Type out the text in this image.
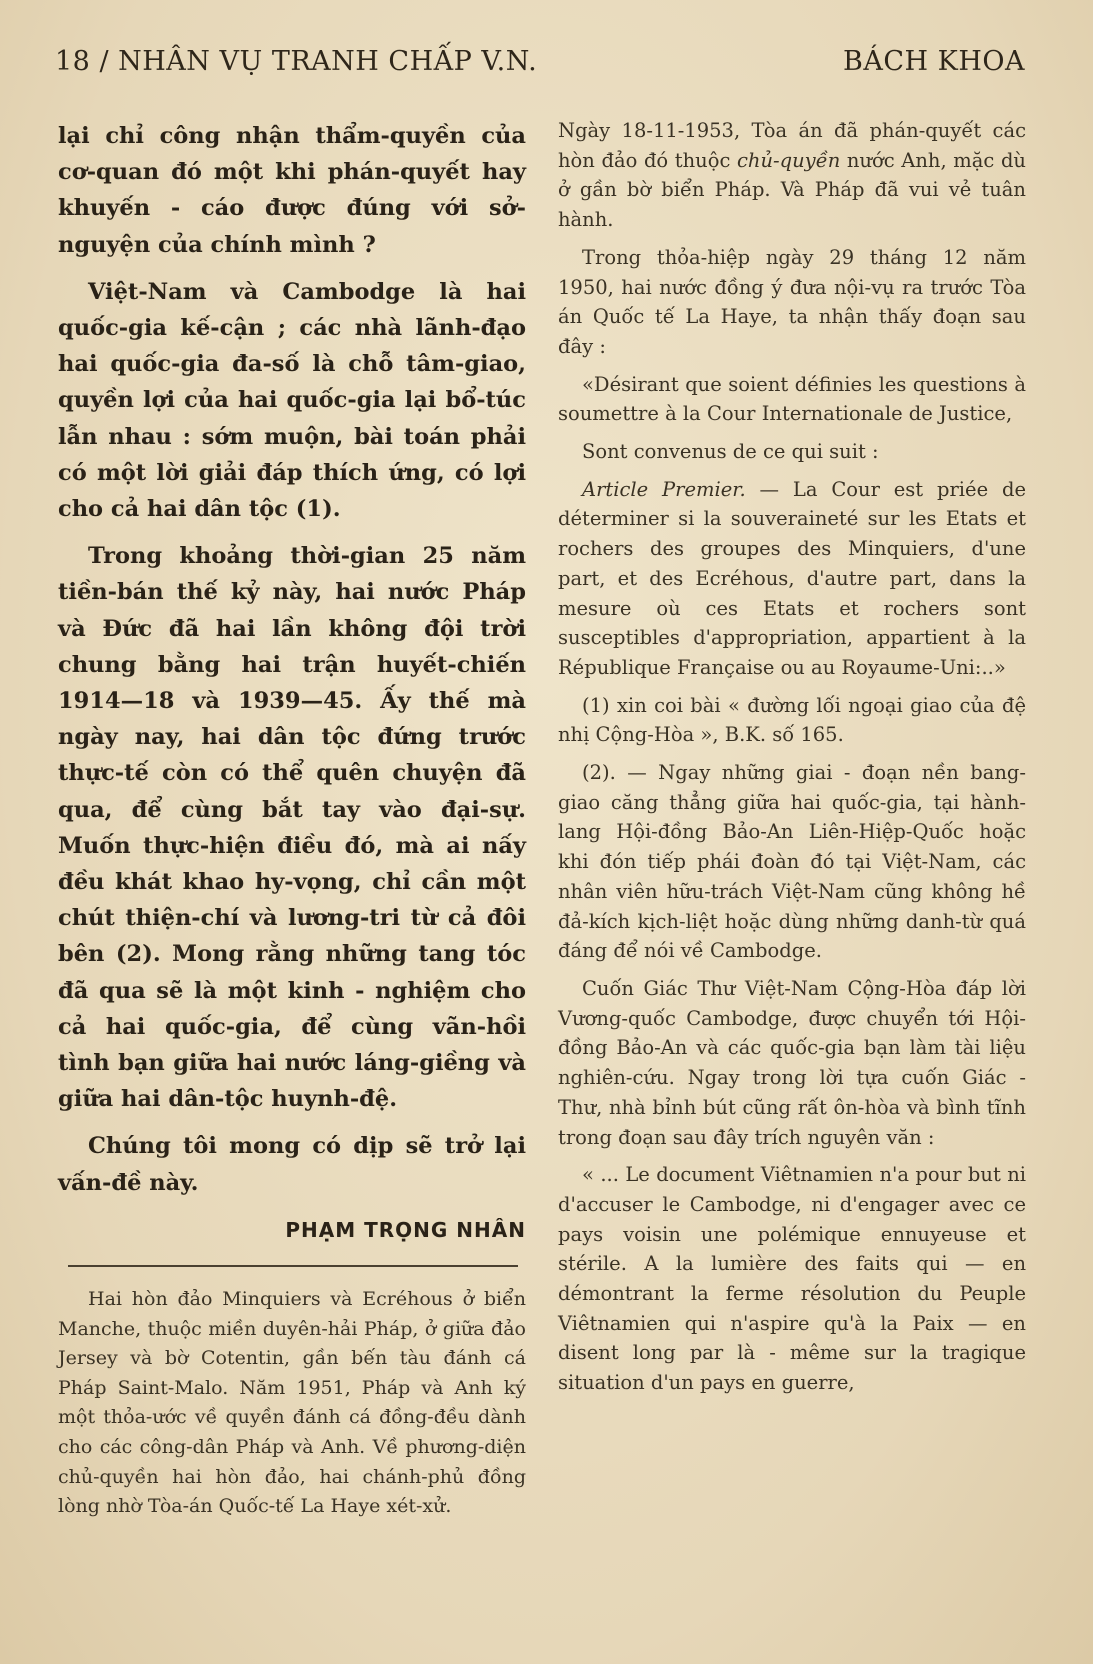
18 / NHÂN VỤ TRANH CHẤP V.N.	BÁCH KHOA

lại chỉ công nhận thẩm-quyền của cơ-quan đó một khi phán-quyết hay khuyến - cáo được đúng với sở-nguyện của chính mình ?

Việt-Nam và Cambodge là hai quốc-gia kế-cận ; các nhà lãnh-đạo hai quốc-gia đa-số là chỗ tâm-giao, quyền lợi của hai quốc-gia lại bổ-túc lẫn nhau : sớm muộn, bài toán phải có một lời giải đáp thích ứng, có lợi cho cả hai dân tộc (1).

Trong khoảng thời-gian 25 năm tiền-bán thế kỷ này, hai nước Pháp và Đức đã hai lần không đội trời chung bằng hai trận huyết-chiến 1914—18 và 1939—45. Ấy thế mà ngày nay, hai dân tộc đứng trước thực-tế còn có thể quên chuyện đã qua, để cùng bắt tay vào đại-sự. Muốn thực-hiện điều đó, mà ai nấy đều khát khao hy-vọng, chỉ cần một chút thiện-chí và lương-tri từ cả đôi bên (2). Mong rằng những tang tóc đã qua sẽ là một kinh - nghiệm cho cả hai quốc-gia, để cùng vãn-hồi tình bạn giữa hai nước láng-giềng và giữa hai dân-tộc huynh-đệ.

Chúng tôi mong có dịp sẽ trở lại vấn-đề này.

PHẠM TRỌNG NHÂN

Hai hòn đảo Minquiers và Ecréhous ở biển Manche, thuộc miền duyên-hải Pháp, ở giữa đảo Jersey và bờ Cotentin, gần bến tàu đánh cá Pháp Saint-Malo. Năm 1951, Pháp và Anh ký một thỏa-ước về quyền đánh cá đồng-đều dành cho các công-dân Pháp và Anh. Về phương-diện chủ-quyền hai hòn đảo, hai chánh-phủ đồng lòng nhờ Tòa-án Quốc-tế La Haye xét-xử.

Ngày 18-11-1953, Tòa án đã phán-quyết các hòn đảo đó thuộc chủ-quyền nước Anh, mặc dù ở gần bờ biển Pháp. Và Pháp đã vui vẻ tuân hành.

Trong thỏa-hiệp ngày 29 tháng 12 năm 1950, hai nước đồng ý đưa nội-vụ ra trước Tòa án Quốc tế La Haye, ta nhận thấy đoạn sau đây :

«Désirant que soient définies les questions à soumettre à la Cour Internationale de Justice,

Sont convenus de ce qui suit :

Article Premier. — La Cour est priée de déterminer si la souveraineté sur les Etats et rochers des groupes des Minquiers, d'une part, et des Ecréhous, d'autre part, dans la mesure où ces Etats et rochers sont susceptibles d'appropriation, appartient à la République Française ou au Royaume-Uni:..»

(1) xin coi bài « đường lối ngoại giao của đệ nhị Cộng-Hòa », B.K. số 165.

(2). — Ngay những giai - đoạn nền bang-giao căng thẳng giữa hai quốc-gia, tại hành-lang Hội-đồng Bảo-An Liên-Hiệp-Quốc hoặc khi đón tiếp phái đoàn đó tại Việt-Nam, các nhân viên hữu-trách Việt-Nam cũng không hề đả-kích kịch-liệt hoặc dùng những danh-từ quá đáng để nói về Cambodge.

Cuốn Giác Thư Việt-Nam Cộng-Hòa đáp lời Vương-quốc Cambodge, được chuyển tới Hội-đồng Bảo-An và các quốc-gia bạn làm tài liệu nghiên-cứu. Ngay trong lời tựa cuốn Giác - Thư, nhà bỉnh bút cũng rất ôn-hòa và bình tĩnh trong đoạn sau đây trích nguyên văn :

« ... Le document Viêtnamien n'a pour but ni d'accuser le Cambodge, ni d'engager avec ce pays voisin une polémique ennuyeuse et stérile. A la lumière des faits qui — en démontrant la ferme résolution du Peuple Viêtnamien qui n'aspire qu'à la Paix — en disent long par là - même sur la tragique situation d'un pays en guerre,
